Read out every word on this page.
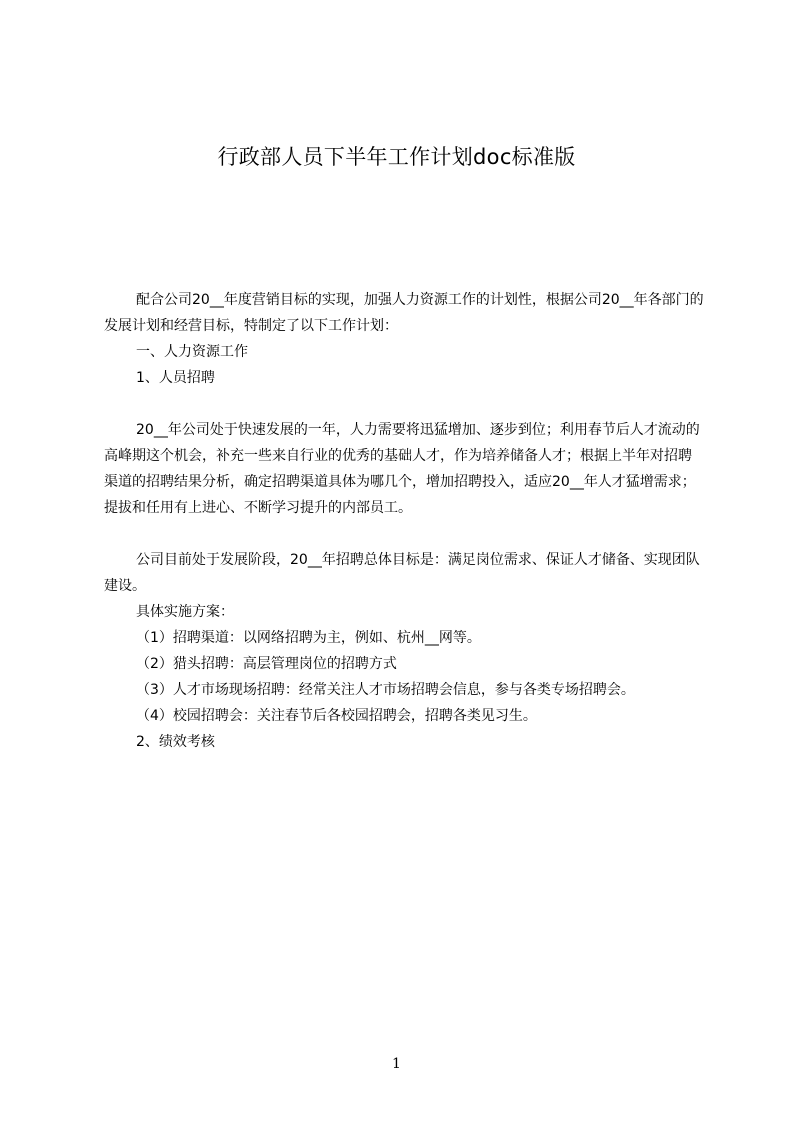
行政部人员下半年工作计划doc标准版

配合公司20__年度营销目标的实现，加强人力资源工作的计划性，根据公司20__年各部门的发展计划和经营目标，特制定了以下工作计划：

一、人力资源工作

1、人员招聘

20__年公司处于快速发展的一年，人力需要将迅猛增加、逐步到位；利用春节后人才流动的高峰期这个机会，补充一些来自行业的优秀的基础人才，作为培养储备人才；根据上半年对招聘渠道的招聘结果分析，确定招聘渠道具体为哪几个，增加招聘投入，适应20__年人才猛增需求；提拔和任用有上进心、不断学习提升的内部员工。

公司目前处于发展阶段，20__年招聘总体目标是：满足岗位需求、保证人才储备、实现团队建设。

具体实施方案：

（1）招聘渠道：以网络招聘为主，例如、杭州__网等。

（2）猎头招聘：高层管理岗位的招聘方式

（3）人才市场现场招聘：经常关注人才市场招聘会信息，参与各类专场招聘会。

（4）校园招聘会：关注春节后各校园招聘会，招聘各类见习生。

2、绩效考核

1
